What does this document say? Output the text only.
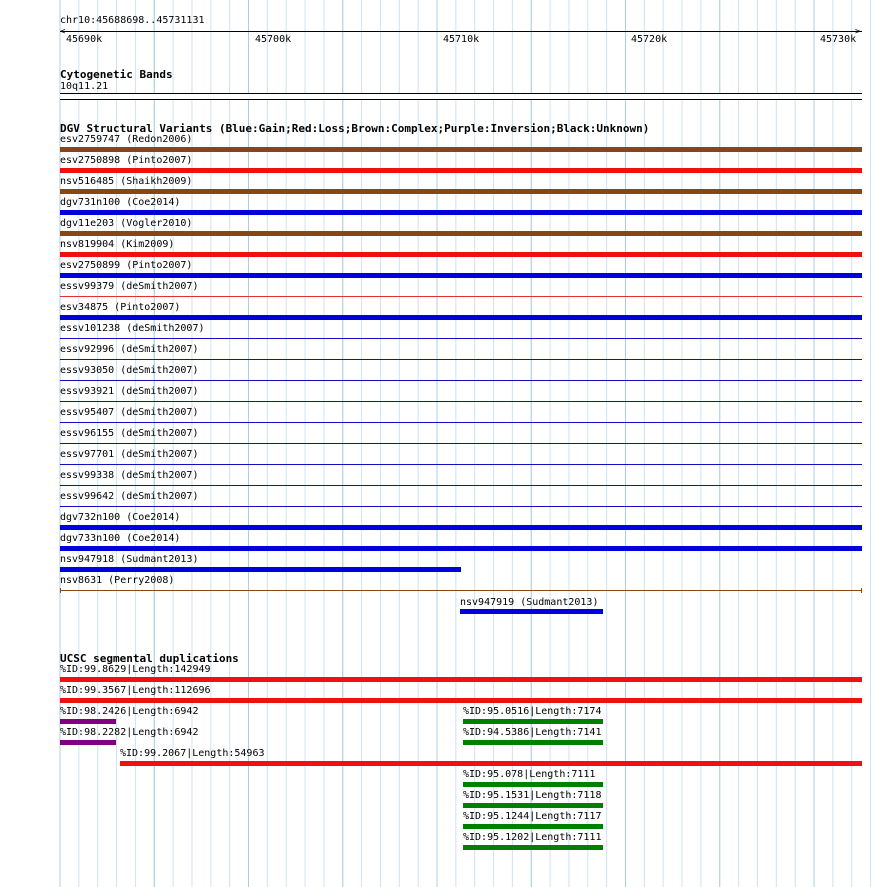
chr10:45688698..45731131
<	>
45690k	45700k	45710k	45720k	45730k
Cytogenetic Bands
10q11.21
DGV Structural Variants (Blue:Gain;Red:Loss;Brown:Complex;Purple:Inversion;Black:Unknown)
esv2759747 (Redon2006)
esv2750898 (Pinto2007)
nsv516485 (Shaikh2009)
dgv731n100 (Coe2014)
dgv11e203 (Vogler2010)
nsv819904 (Kim2009)
esv2750899 (Pinto2007)
essv99379 (deSmith2007)
esv34875 (Pinto2007)
essv101238 (deSmith2007)
essv92996 (deSmith2007)
essv93050 (deSmith2007)
essv93921 (deSmith2007)
essv95407 (deSmith2007)
essv96155 (deSmith2007)
essv97701 (deSmith2007)
essv99338 (deSmith2007)
essv99642 (deSmith2007)
dgv732n100 (Coe2014)
dgv733n100 (Coe2014)
nsv947918 (Sudmant2013)
nsv8631 (Perry2008)
nsv947919 (Sudmant2013)
UCSC segmental duplications
%ID:99.8629|Length:142949
%ID:99.3567|Length:112696
%ID:98.2426|Length:6942
%ID:98.2282|Length:6942
%ID:99.2067|Length:54963
%ID:95.0516|Length:7174
%ID:94.5386|Length:7141
%ID:95.078|Length:7111
%ID:95.1531|Length:7118
%ID:95.1244|Length:7117
%ID:95.1202|Length:7111
